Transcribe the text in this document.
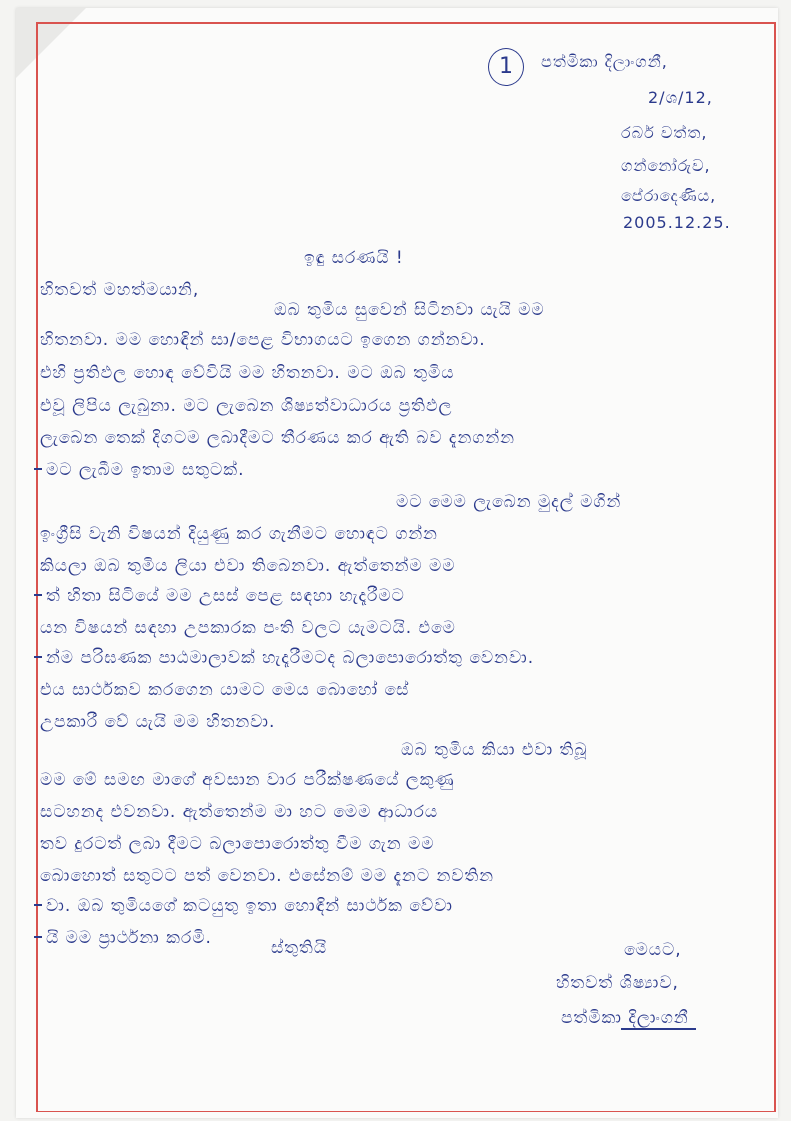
1	පත්මිකා දිලාංගනී,
2/ශ/12,
රබර් වත්ත,
ගන්නෝරුව,
පේරාදෙණිය,
2005.12.25.
ඉඳු සරණයි !
හිතවත් මහත්මයානි,
ඔබ තුමිය සුවෙන් සිටිනවා යැයි මම
හිතනවා. මම හොඳින් සා/පෙළ විභාගයට ඉගෙන ගන්නවා.
එහි ප්‍රතිඵල හොඳ වේවියි මම හිතනවා. මට ඔබ තුමිය
එවූ ලිපිය ලැබුනා. මට ලැබෙන ශිෂ්‍යත්වාධාරය ප්‍රතිඵල
ලැබෙන තෙක් දිගටම ලබාදීමට තීරණය කර ඇති බව දැනගන්න
මට ලැබීම ඉතාම සතුටක්.
මට මෙම ලැබෙන මුදල් මගින්
ඉංග්‍රීසි වැනි විෂයන් දියුණු කර ගැනීමට හොඳට ගන්න
කියලා ඔබ තුමිය ලියා එවා තිබෙනවා. ඇත්තෙන්ම මම
ත් හිතා සිටියේ මම උසස් පෙළ සඳහා හැදෑරීමට
යන විෂයන් සඳහා උපකාරක පංති වලට යැමටයි. එමෙ
න්ම පරිඝණක පාඨමාලාවක් හැදෑරීමටද බලාපොරොත්තු වෙනවා.
එය සාර්ථකව කරගෙන යාමට මෙය බොහෝ සේ
උපකාරී වේ යැයි මම හිතනවා.
ඔබ තුමිය කියා එවා තිබූ
මම මේ සමඟ මාගේ අවසාන වාර පරීක්ෂණයේ ලකුණු
සටහනද එවනවා. ඇත්තෙන්ම මා හට මෙම ආධාරය
තව දුරටත් ලබා දීමට බලාපොරොත්තු වීම ගැන මම
බොහොත් සතුටට පත් වෙනවා. එසේනම් මම දැනට නවතින
වා. ඔබ තුමියගේ කටයුතු ඉතා හොඳින් සාර්ථක වේවා
යි මම ප්‍රාර්ථනා කරමි.	ස්තුතියි	මෙයට,
හිතවත් ශිෂ්‍යාව,
පත්මිකා දිලාංගනී
